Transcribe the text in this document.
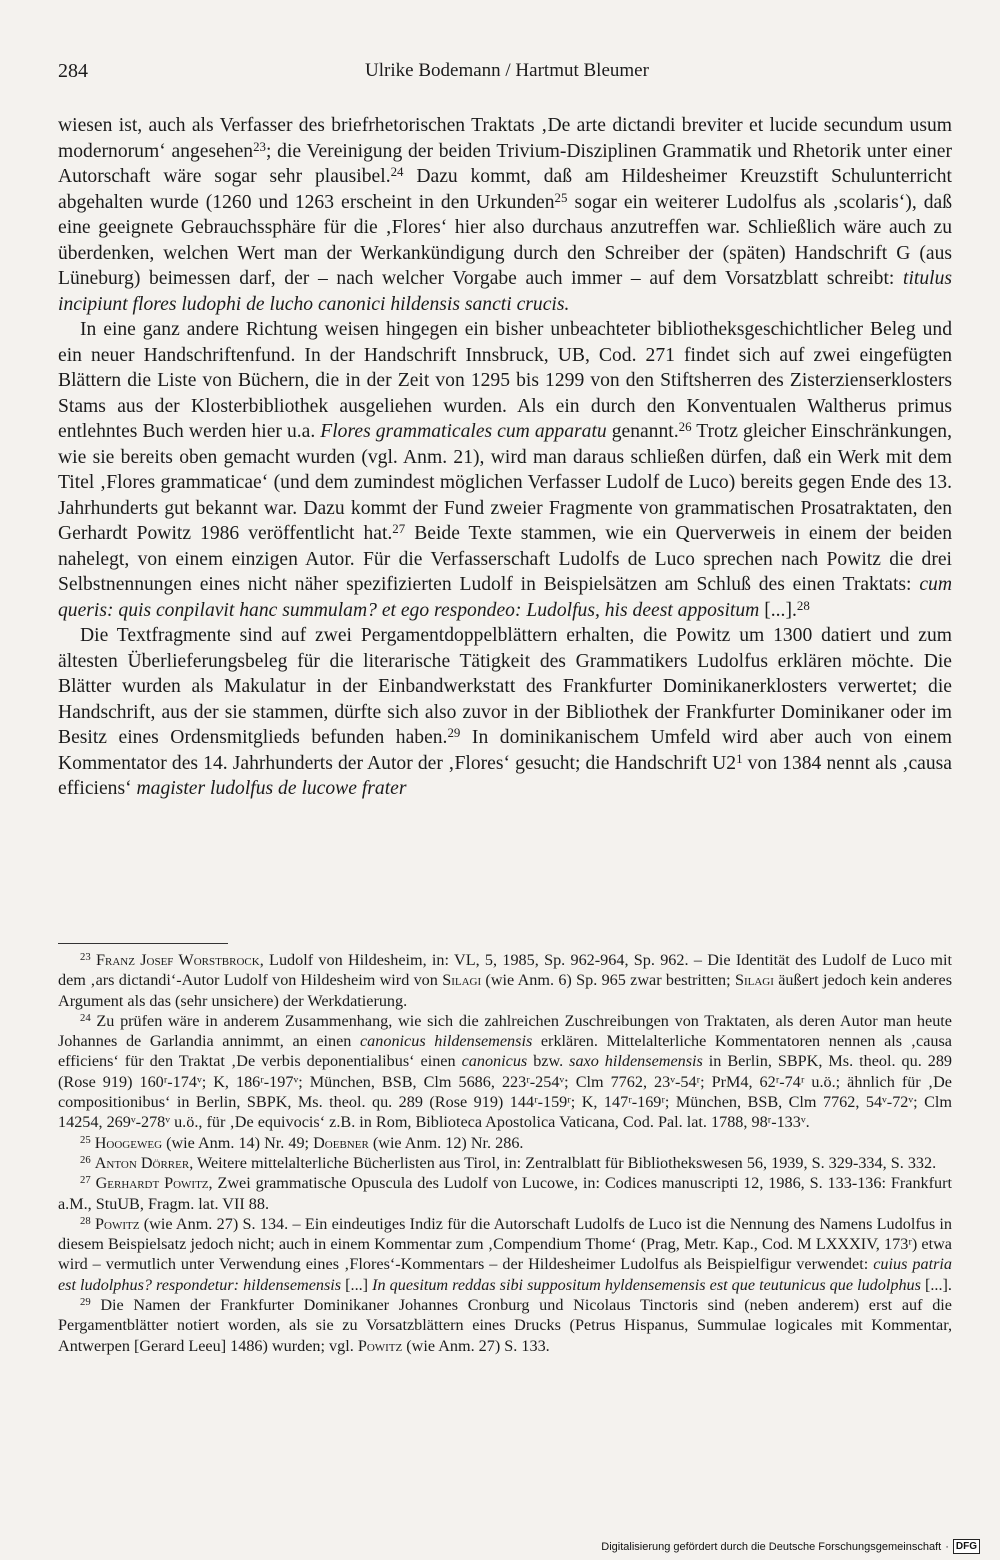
284	Ulrike Bodemann / Hartmut Bleumer

wiesen ist, auch als Verfasser des briefrhetorischen Traktats ‚De arte dictandi breviter et lucide secundum usum modernorum‘ angesehen$^{23}$; die Vereinigung der beiden Trivium-Disziplinen Grammatik und Rhetorik unter einer Autorschaft wäre sogar sehr plausibel.$^{24}$ Dazu kommt, daß am Hildesheimer Kreuzstift Schulunterricht abgehalten wurde (1260 und 1263 erscheint in den Urkunden$^{25}$ sogar ein weiterer Ludolfus als ‚scolaris‘), daß eine geeignete Gebrauchssphäre für die ‚Flores‘ hier also durchaus anzutreffen war. Schließlich wäre auch zu überdenken, welchen Wert man der Werkankündigung durch den Schreiber der (späten) Handschrift G (aus Lüneburg) beimessen darf, der – nach welcher Vorgabe auch immer – auf dem Vorsatzblatt schreibt: titulus incipiunt flores ludophi de lucho canonici hildensis sancti crucis.

In eine ganz andere Richtung weisen hingegen ein bisher unbeachteter bibliotheksgeschichtlicher Beleg und ein neuer Handschriftenfund. In der Handschrift Innsbruck, UB, Cod. 271 findet sich auf zwei eingefügten Blättern die Liste von Büchern, die in der Zeit von 1295 bis 1299 von den Stiftsherren des Zisterzienserklosters Stams aus der Klosterbibliothek ausgeliehen wurden. Als ein durch den Konventualen Waltherus primus entlehntes Buch werden hier u.a. Flores grammaticales cum apparatu genannt.$^{26}$ Trotz gleicher Einschränkungen, wie sie bereits oben gemacht wurden (vgl. Anm. 21), wird man daraus schließen dürfen, daß ein Werk mit dem Titel ‚Flores grammaticae‘ (und dem zumindest möglichen Verfasser Ludolf de Luco) bereits gegen Ende des 13. Jahrhunderts gut bekannt war. Dazu kommt der Fund zweier Fragmente von grammatischen Prosatraktaten, den Gerhardt Powitz 1986 veröffentlicht hat.$^{27}$ Beide Texte stammen, wie ein Querverweis in einem der beiden nahelegt, von einem einzigen Autor. Für die Verfasserschaft Ludolfs de Luco sprechen nach Powitz die drei Selbstnennungen eines nicht näher spezifizierten Ludolf in Beispielsätzen am Schluß des einen Traktats: cum queris: quis conpilavit hanc summulam? et ego respondeo: Ludolfus, his deest appositum [...].$^{28}$

Die Textfragmente sind auf zwei Pergamentdoppelblättern erhalten, die Powitz um 1300 datiert und zum ältesten Überlieferungsbeleg für die literarische Tätigkeit des Grammatikers Ludolfus erklären möchte. Die Blätter wurden als Makulatur in der Einbandwerkstatt des Frankfurter Dominikanerklosters verwertet; die Handschrift, aus der sie stammen, dürfte sich also zuvor in der Bibliothek der Frankfurter Dominikaner oder im Besitz eines Ordensmitglieds befunden haben.$^{29}$ In dominikanischem Umfeld wird aber auch von einem Kommentator des 14. Jahrhunderts der Autor der ‚Flores‘ gesucht; die Handschrift $U2^1$ von 1384 nennt als ‚causa efficiens‘ magister ludolfus de lucowe frater

$^{23}$ Franz Josef Worstbrock, Ludolf von Hildesheim, in: VL, 5, 1985, Sp. 962-964, Sp. 962. – Die Identität des Ludolf de Luco mit dem ‚ars dictandi‘-Autor Ludolf von Hildesheim wird von Silagi (wie Anm. 6) Sp. 965 zwar bestritten; Silagi äußert jedoch kein anderes Argument als das (sehr unsichere) der Werkdatierung.

$^{24}$ Zu prüfen wäre in anderem Zusammenhang, wie sich die zahlreichen Zuschreibungen von Traktaten, als deren Autor man heute Johannes de Garlandia annimmt, an einen canonicus hildensemensis erklären. Mittelalterliche Kommentatoren nennen als ‚causa efficiens‘ für den Traktat ‚De verbis deponentialibus‘ einen canonicus bzw. saxo hildensemensis in Berlin, SBPK, Ms. theol. qu. 289 (Rose 919) 160ʳ-174ᵛ; K, 186ʳ-197ᵛ; München, BSB, Clm 5686, 223ʳ-254ᵛ; Clm 7762, 23ᵛ-54ʳ; PrM4, 62ʳ-74ʳ u.ö.; ähnlich für ‚De compositionibus‘ in Berlin, SBPK, Ms. theol. qu. 289 (Rose 919) 144ʳ-159ʳ; K, 147ʳ-169ʳ; München, BSB, Clm 7762, 54ᵛ-72ᵛ; Clm 14254, 269ᵛ-278ᵛ u.ö., für ‚De equivocis‘ z.B. in Rom, Biblioteca Apostolica Vaticana, Cod. Pal. lat. 1788, 98ʳ-133ᵛ.

$^{25}$ Hoogeweg (wie Anm. 14) Nr. 49; Doebner (wie Anm. 12) Nr. 286.

$^{26}$ Anton Dörrer, Weitere mittelalterliche Bücherlisten aus Tirol, in: Zentralblatt für Bibliothekswesen 56, 1939, S. 329-334, S. 332.

$^{27}$ Gerhardt Powitz, Zwei grammatische Opuscula des Ludolf von Lucowe, in: Codices manuscripti 12, 1986, S. 133-136: Frankfurt a.M., StuUB, Fragm. lat. VII 88.

$^{28}$ Powitz (wie Anm. 27) S. 134. – Ein eindeutiges Indiz für die Autorschaft Ludolfs de Luco ist die Nennung des Namens Ludolfus in diesem Beispielsatz jedoch nicht; auch in einem Kommentar zum ‚Compendium Thome‘ (Prag, Metr. Kap., Cod. M LXXXIV, 173ʳ) etwa wird – vermutlich unter Verwendung eines ‚Flores‘-Kommentars – der Hildesheimer Ludolfus als Beispielfigur verwendet: cuius patria est ludolphus? respondetur: hildensemensis [...] In quesitum reddas sibi suppositum hyldensemensis est que teutunicus que ludolphus [...].

$^{29}$ Die Namen der Frankfurter Dominikaner Johannes Cronburg und Nicolaus Tinctoris sind (neben anderem) erst auf die Pergamentblätter notiert worden, als sie zu Vorsatzblättern eines Drucks (Petrus Hispanus, Summulae logicales mit Kommentar, Antwerpen [Gerard Leeu] 1486) wurden; vgl. Powitz (wie Anm. 27) S. 133.

Digitalisierung gefördert durch die Deutsche Forschungsgemeinschaft · DFG
